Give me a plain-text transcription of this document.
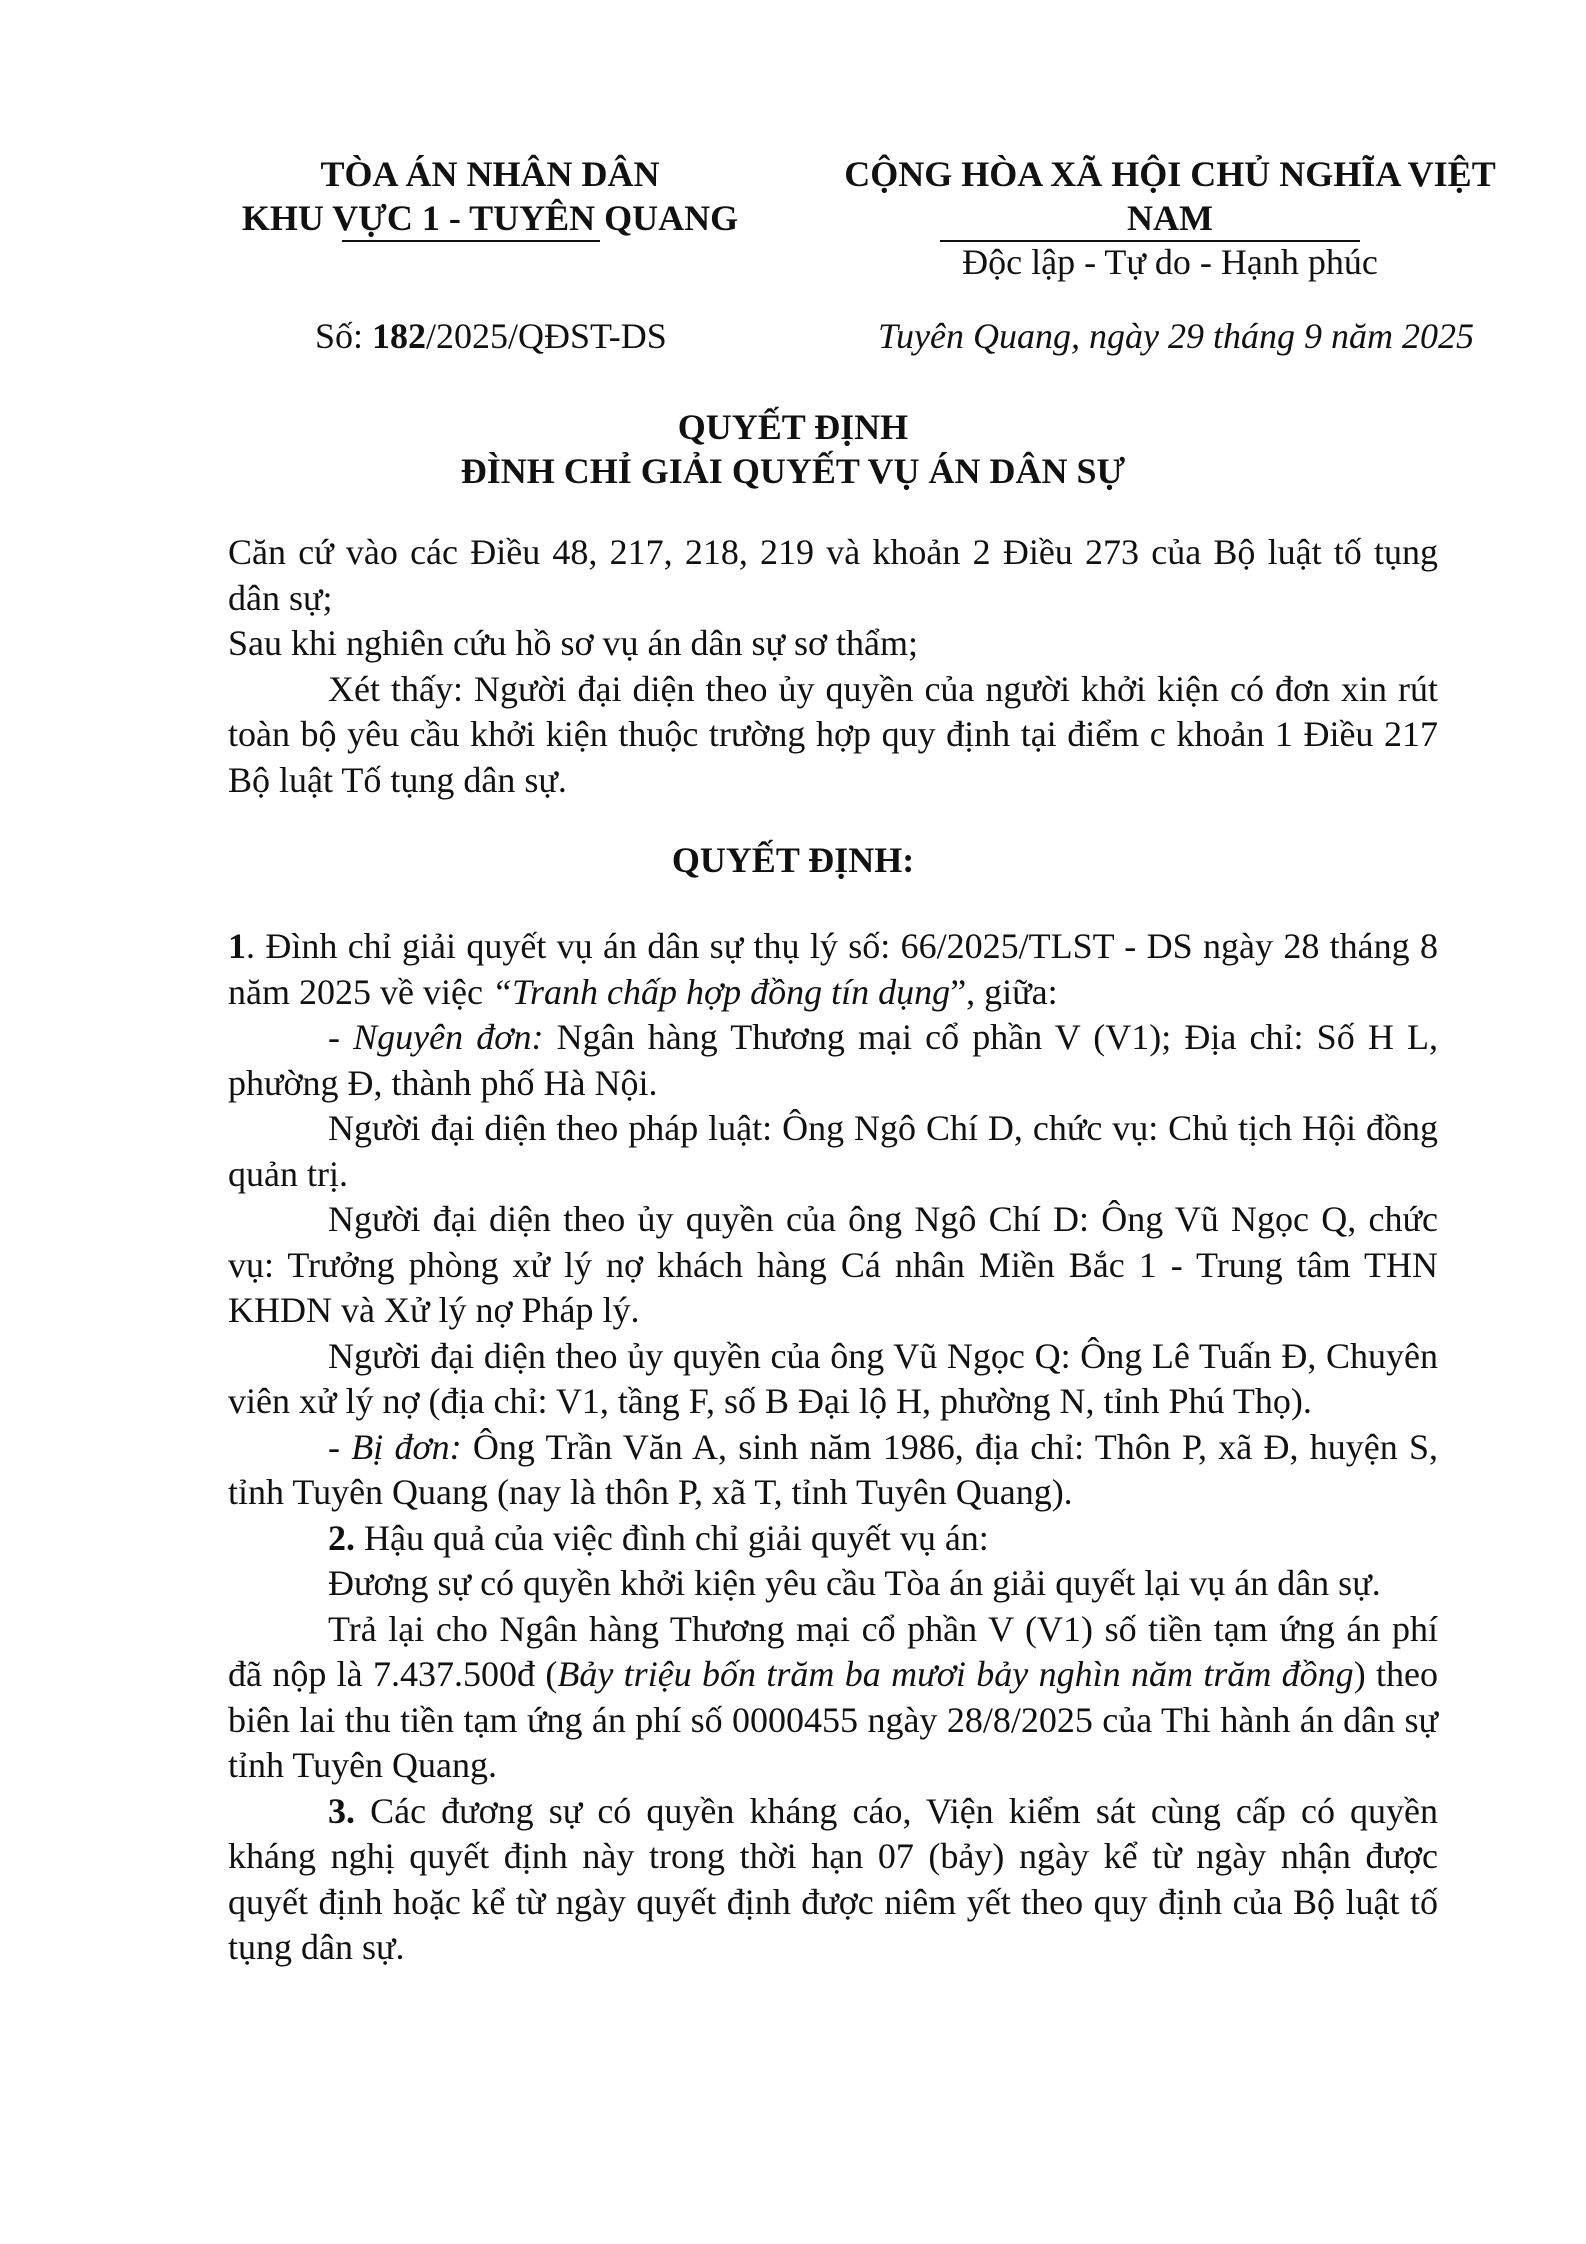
TÒA ÁN NHÂN DÂN
KHU VỰC 1 - TUYÊN QUANG
CỘNG HÒA XÃ HỘI CHỦ NGHĨA VIỆT NAM
Độc lập - Tự do - Hạnh phúc
Số: 182/2025/QĐST-DS	Tuyên Quang, ngày 29 tháng 9 năm 2025
QUYẾT ĐỊNH
ĐÌNH CHỈ GIẢI QUYẾT VỤ ÁN DÂN SỰ

Căn cứ vào các Điều 48, 217, 218, 219 và khoản 2 Điều 273 của Bộ luật tố tụng dân sự;

Sau khi nghiên cứu hồ sơ vụ án dân sự sơ thẩm;

Xét thấy: Người đại diện theo ủy quyền của người khởi kiện có đơn xin rút toàn bộ yêu cầu khởi kiện thuộc trường hợp quy định tại điểm c khoản 1 Điều 217 Bộ luật Tố tụng dân sự.

QUYẾT ĐỊNH:

1. Đình chỉ giải quyết vụ án dân sự thụ lý số: 66/2025/TLST - DS ngày 28 tháng 8 năm 2025 về việc “Tranh chấp hợp đồng tín dụng”, giữa:

- Nguyên đơn: Ngân hàng Thương mại cổ phần V (V1); Địa chỉ: Số H L, phường Đ, thành phố Hà Nội.

Người đại diện theo pháp luật: Ông Ngô Chí D, chức vụ: Chủ tịch Hội đồng quản trị.

Người đại diện theo ủy quyền của ông Ngô Chí D: Ông Vũ Ngọc Q, chức vụ: Trưởng phòng xử lý nợ khách hàng Cá nhân Miền Bắc 1 - Trung tâm THN KHDN và Xử lý nợ Pháp lý.

Người đại diện theo ủy quyền của ông Vũ Ngọc Q: Ông Lê Tuấn Đ, Chuyên viên xử lý nợ (địa chỉ: V1, tầng F, số B Đại lộ H, phường N, tỉnh Phú Thọ).

- Bị đơn: Ông Trần Văn A, sinh năm 1986, địa chỉ: Thôn P, xã Đ, huyện S, tỉnh Tuyên Quang (nay là thôn P, xã T, tỉnh Tuyên Quang).

2. Hậu quả của việc đình chỉ giải quyết vụ án:

Đương sự có quyền khởi kiện yêu cầu Tòa án giải quyết lại vụ án dân sự.

Trả lại cho Ngân hàng Thương mại cổ phần V (V1) số tiền tạm ứng án phí đã nộp là 7.437.500đ (Bảy triệu bốn trăm ba mươi bảy nghìn năm trăm đồng) theo biên lai thu tiền tạm ứng án phí số 0000455 ngày 28/8/2025 của Thi hành án dân sự tỉnh Tuyên Quang.

3. Các đương sự có quyền kháng cáo, Viện kiểm sát cùng cấp có quyền kháng nghị quyết định này trong thời hạn 07 (bảy) ngày kể từ ngày nhận được quyết định hoặc kể từ ngày quyết định được niêm yết theo quy định của Bộ luật tố tụng dân sự.
